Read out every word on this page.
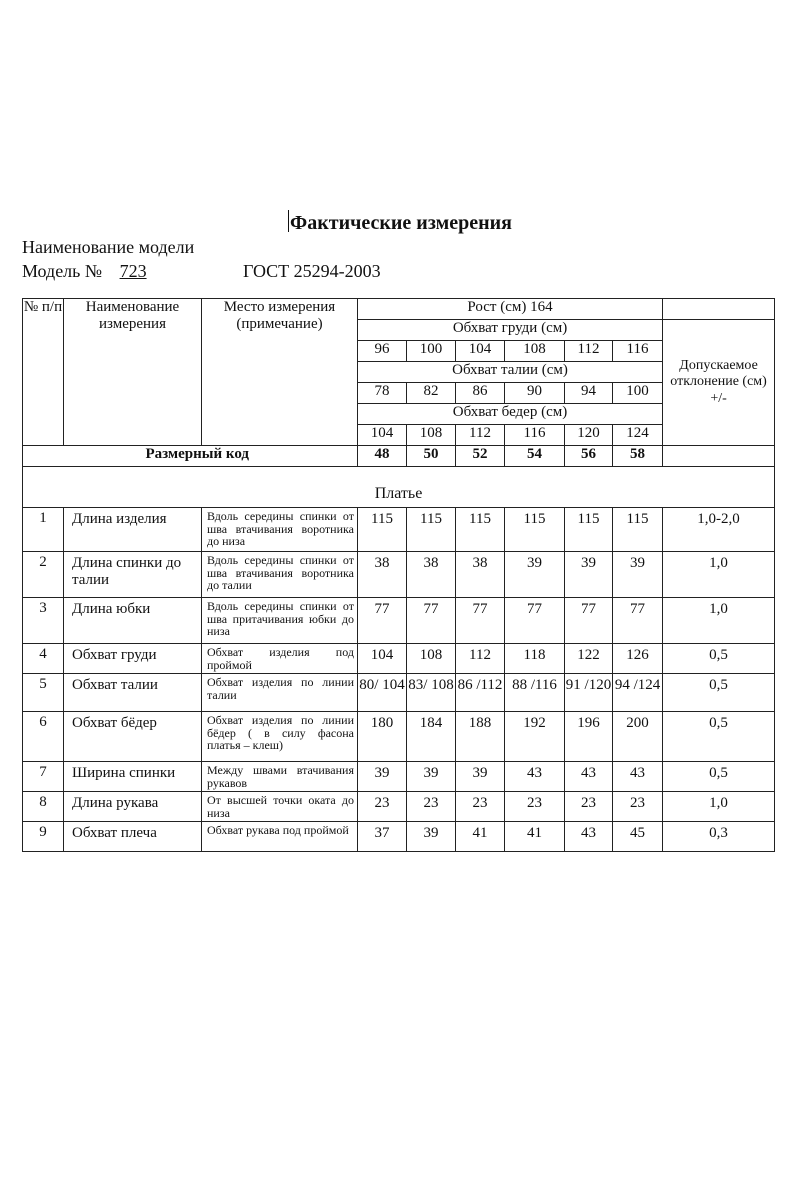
Фактические измерения
Наименование модели
Модель № 723	ГОСТ 25294-2003
№ п/п	Наименование измерения	Место измерения (примечание)	Рост (см) 164						
			Обхват груди (см)						Допускаемое отклонение (см) +/-
			96	100	104	108	112	116	
			Обхват талии (см)						
			78	82	86	90	94	100	
			Обхват бедер (см)						
			104	108	112	116	120	124	
Размерный код			48	50	52	54	56	58	
Платье									
1	Длина изделия	Вдоль середины спинки от шва втачивания воротника до низа	115	115	115	115	115	115	1,0-2,0
2	Длина спинки до талии	Вдоль середины спинки от шва втачивания воротника до талии	38	38	38	39	39	39	1,0
3	Длина юбки	Вдоль середины спинки от шва притачивания юбки до низа	77	77	77	77	77	77	1,0
4	Обхват груди	Обхват изделия под проймой	104	108	112	118	122	126	0,5
5	Обхват талии	Обхват изделия по линии талии	80/ 104	83/ 108	86 /112	88 /116	91 /120	94 /124	0,5
6	Обхват бёдер	Обхват изделия по линии бёдер ( в силу фасона платья – клеш)	180	184	188	192	196	200	0,5
7	Ширина спинки	Между швами втачивания рукавов	39	39	39	43	43	43	0,5
8	Длина рукава	От высшей точки оката до низа	23	23	23	23	23	23	1,0
9	Обхват плеча	Обхват рукава под проймой	37	39	41	41	43	45	0,3
